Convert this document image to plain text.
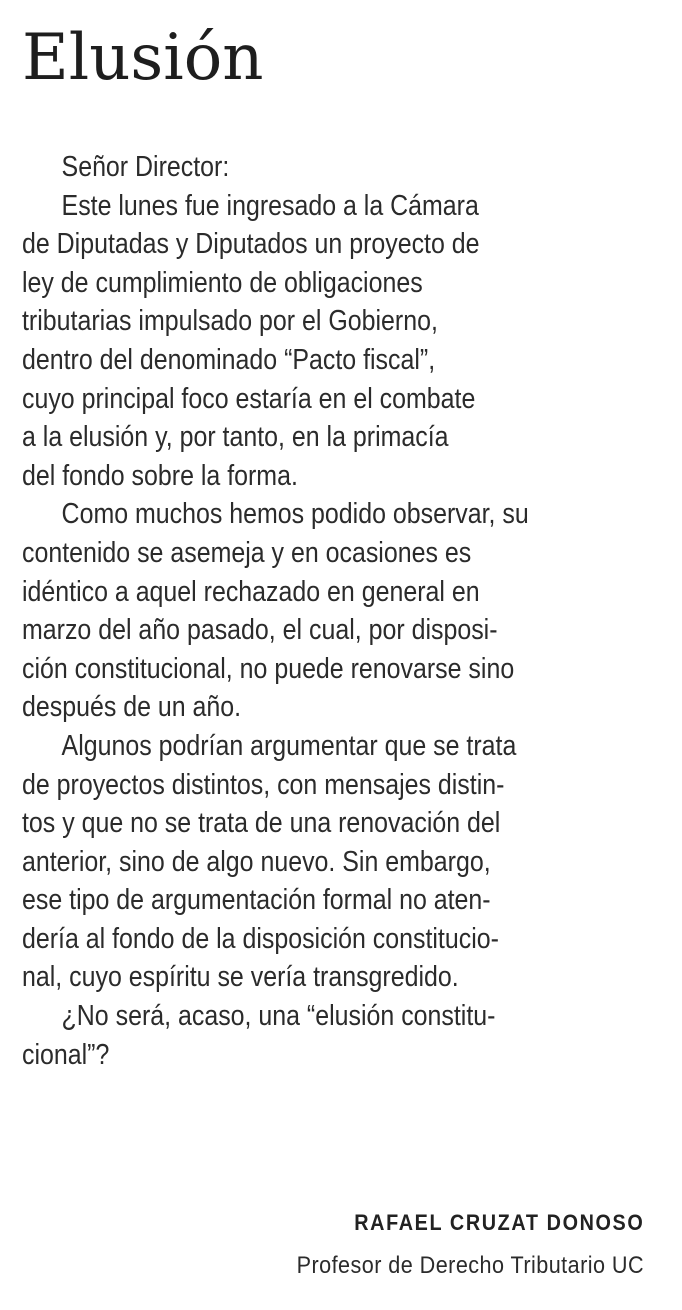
Elusión
Señor Director:
Este lunes fue ingresado a la Cámara
de Diputadas y Diputados un proyecto de
ley de cumplimiento de obligaciones
tributarias impulsado por el Gobierno,
dentro del denominado “Pacto fiscal”,
cuyo principal foco estaría en el combate
a la elusión y, por tanto, en la primacía
del fondo sobre la forma.
Como muchos hemos podido observar, su
contenido se asemeja y en ocasiones es
idéntico a aquel rechazado en general en
marzo del año pasado, el cual, por disposi-
ción constitucional, no puede renovarse sino
después de un año.
Algunos podrían argumentar que se trata
de proyectos distintos, con mensajes distin-
tos y que no se trata de una renovación del
anterior, sino de algo nuevo. Sin embargo,
ese tipo de argumentación formal no aten-
dería al fondo de la disposición constitucio-
nal, cuyo espíritu se vería transgredido.
¿No será, acaso, una “elusión constitu-
cional”?
RAFAEL CRUZAT DONOSO
Profesor de Derecho Tributario UC
